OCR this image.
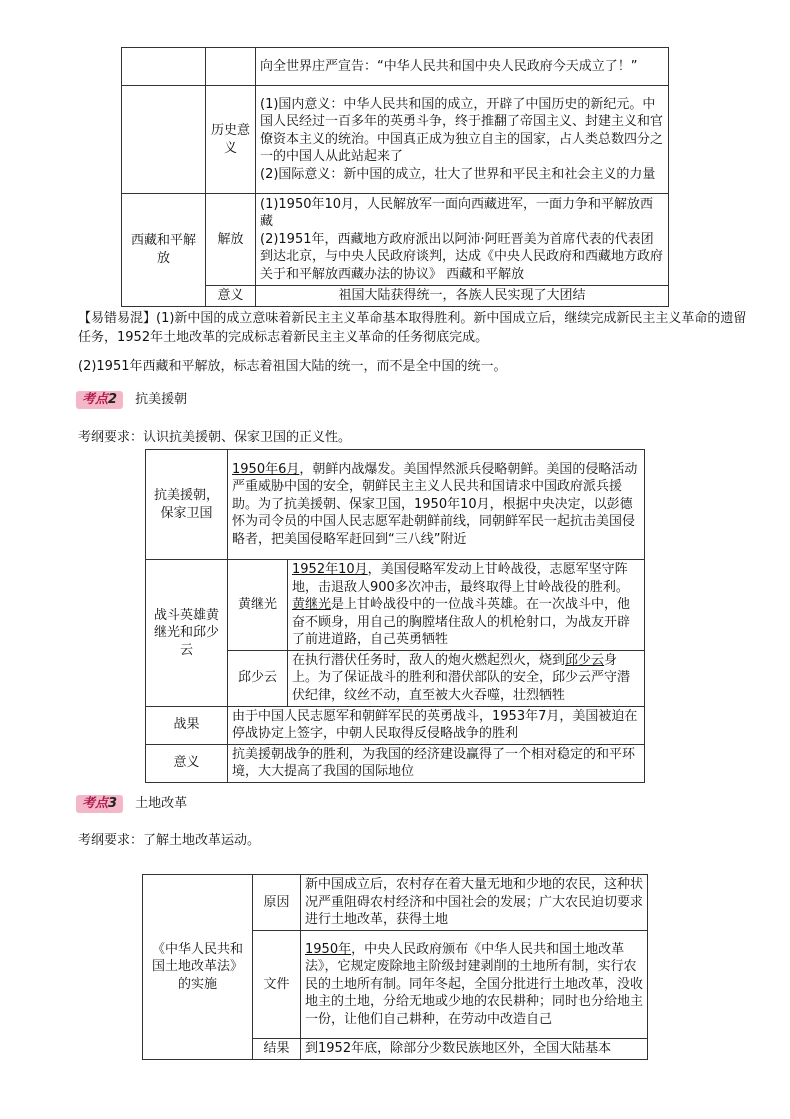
		向全世界庄严宣告：“中华人民共和国中央人民政府今天成立了！”
	历史意义	(1)国内意义：中华人民共和国的成立，开辟了中国历史的新纪元。中国人民经过一百多年的英勇斗争，终于推翻了帝国主义、封建主义和官僚资本主义的统治。中国真正成为独立自主的国家，占人类总数四分之一的中国人从此站起来了
(2)国际意义：新中国的成立，壮大了世界和平民主和社会主义的力量

西藏和平解放	解放	(1)1950年10月，人民解放军一面向西藏进军，一面力争和平解放西藏
(2)1951年，西藏地方政府派出以阿沛·阿旺晋美为首席代表的代表团到达北京，与中央人民政府谈判，达成《中央人民政府和西藏地方政府关于和平解放西藏办法的协议》 西藏和平解放

	意义	祖国大陆获得统一，各族人民实现了大团结
【易错易混】(1)新中国的成立意味着新民主主义革命基本取得胜利。新中国成立后，继续完成新民主主义革命的遗留任务，1952年土地改革的完成标志着新民主主义革命的任务彻底完成。
(2)1951年西藏和平解放，标志着祖国大陆的统一，而不是全中国的统一。
考点2	抗美援朝
考纲要求：认识抗美援朝、保家卫国的正义性。
抗美援朝，保家卫国	1950年6月，朝鲜内战爆发。美国悍然派兵侵略朝鲜。美国的侵略活动严重威胁中国的安全，朝鲜民主主义人民共和国请求中国政府派兵援助。为了抗美援朝、保家卫国，1950年10月，根据中央决定，以彭德怀为司令员的中国人民志愿军赴朝鲜前线，同朝鲜军民一起抗击美国侵略者，把美国侵略军赶回到“三八线”附近	
战斗英雄黄继光和邱少云	黄继光	1952年10月，美国侵略军发动上甘岭战役，志愿军坚守阵地，击退敌人900多次冲击，最终取得上甘岭战役的胜利。黄继光是上甘岭战役中的一位战斗英雄。在一次战斗中，他奋不顾身，用自己的胸膛堵住敌人的机枪射口，为战友开辟了前进道路，自己英勇牺牲
	邱少云	在执行潜伏任务时，敌人的炮火燃起烈火，烧到邱少云身上。为了保证战斗的胜利和潜伏部队的安全，邱少云严守潜伏纪律，纹丝不动，直至被大火吞噬，壮烈牺牲
战果	由于中国人民志愿军和朝鲜军民的英勇战斗，1953年7月，美国被迫在停战协定上签字，中朝人民取得反侵略战争的胜利	
意义	抗美援朝战争的胜利，为我国的经济建设赢得了一个相对稳定的和平环境，大大提高了我国的国际地位	
考点3	土地改革
考纲要求：了解土地改革运动。
《中华人民共和国土地改革法》的实施	原因	新中国成立后，农村存在着大量无地和少地的农民，这种状况严重阻碍农村经济和中国社会的发展；广大农民迫切要求进行土地改革，获得土地
	文件	1950年，中央人民政府颁布《中华人民共和国土地改革法》，它规定废除地主阶级封建剥削的土地所有制，实行农民的土地所有制。同年冬起，全国分批进行土地改革，没收地主的土地，分给无地或少地的农民耕种；同时也分给地主一份，让他们自己耕种，在劳动中改造自己
	结果	到1952年底，除部分少数民族地区外，全国大陆基本
